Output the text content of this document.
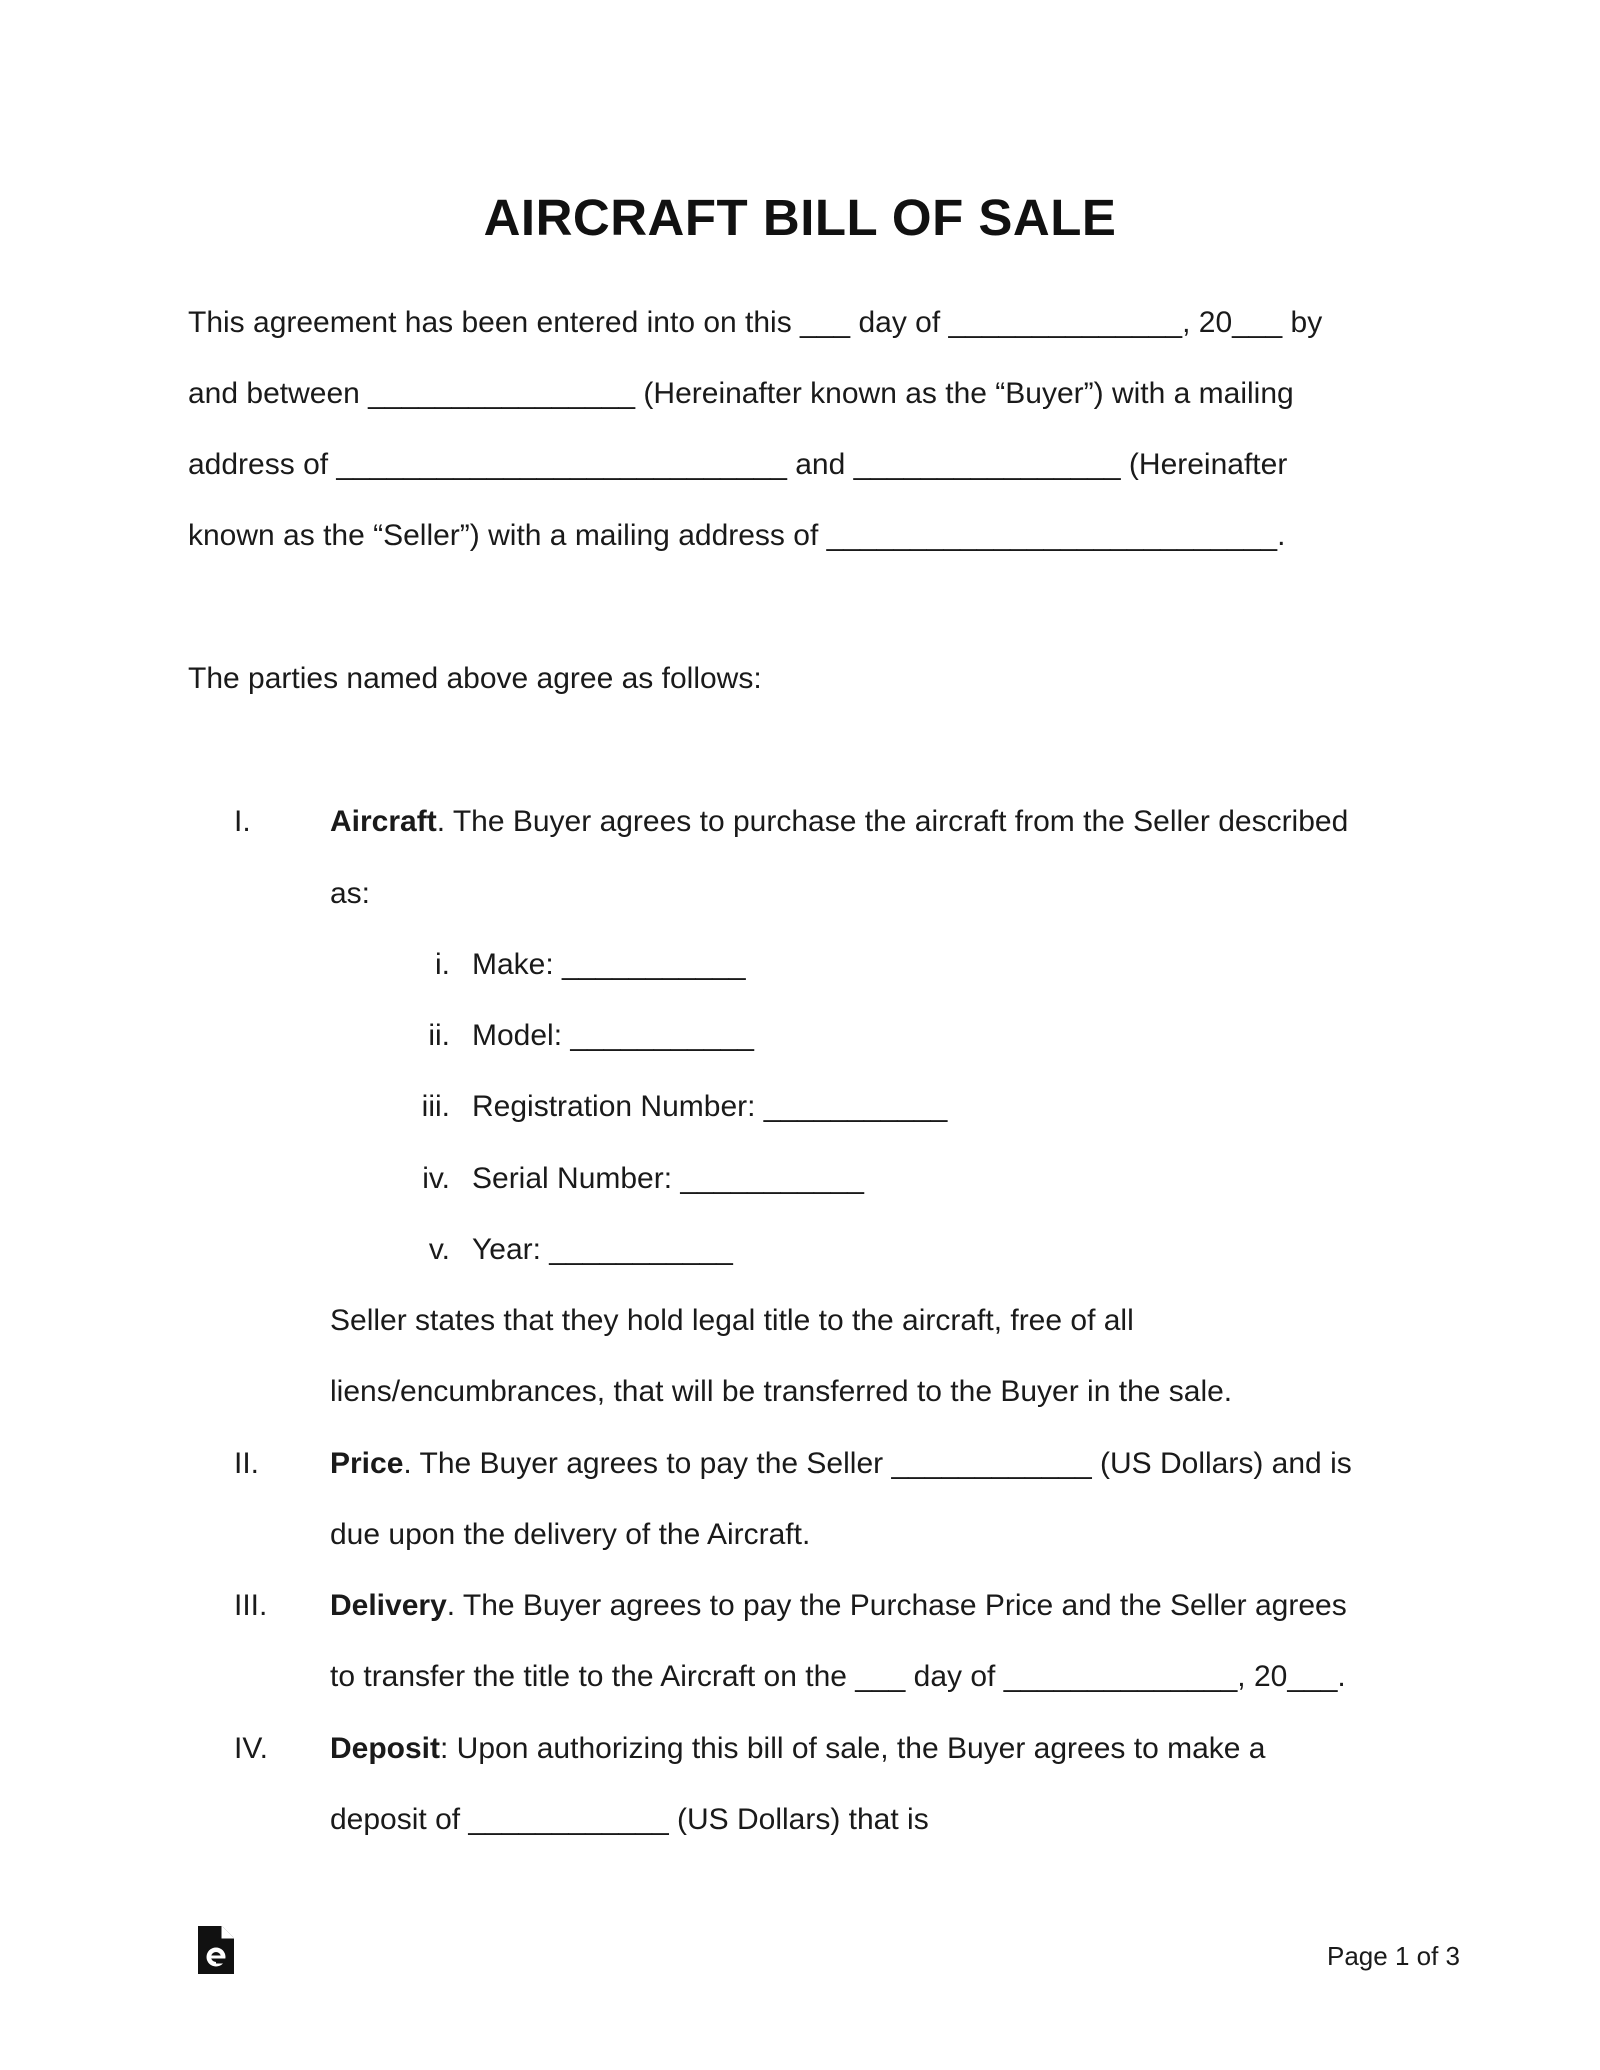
AIRCRAFT BILL OF SALE
This agreement has been entered into on this ___ day of ______________, 20___ by
and between ________________ (Hereinafter known as the “Buyer”) with a mailing
address of ___________________________ and ________________ (Hereinafter
known as the “Seller”) with a mailing address of ___________________________.
The parties named above agree as follows:
I.	Aircraft. The Buyer agrees to purchase the aircraft from the Seller described
as:
i. Make: ___________
ii. Model: ___________
iii. Registration Number: ___________
iv. Serial Number: ___________
v. Year: ___________
Seller states that they hold legal title to the aircraft, free of all
liens/encumbrances, that will be transferred to the Buyer in the sale.
II. Price. The Buyer agrees to pay the Seller ____________ (US Dollars) and is
due upon the delivery of the Aircraft.
III. Delivery. The Buyer agrees to pay the Purchase Price and the Seller agrees
to transfer the title to the Aircraft on the ___ day of ______________, 20___.
IV. Deposit: Upon authorizing this bill of sale, the Buyer agrees to make a
deposit of ____________ (US Dollars) that is
Page 1 of 3
